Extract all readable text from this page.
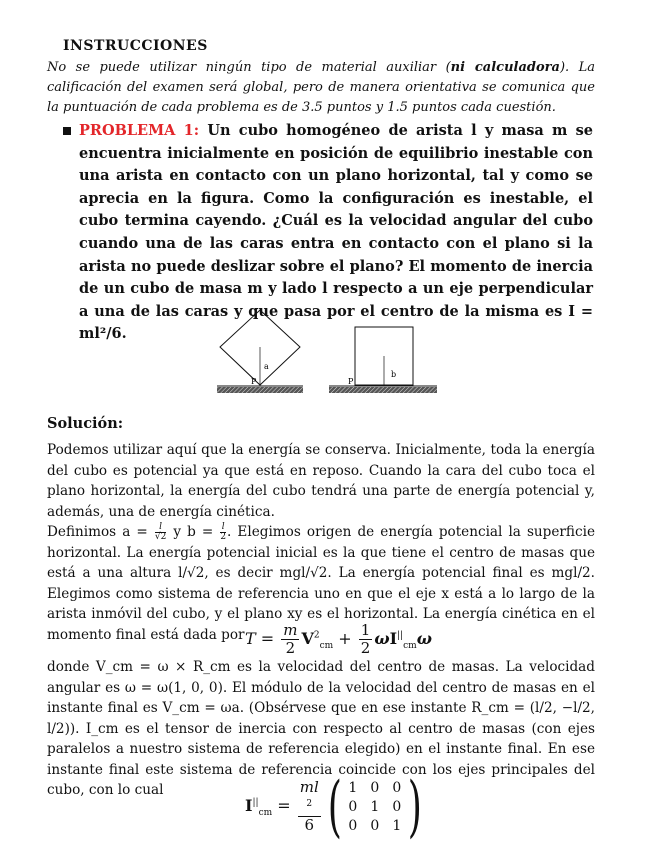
INSTRUCCIONES
No se puede utilizar ningún tipo de material auxiliar (ni calculadora). La calificación del examen será global, pero de manera orientativa se comunica que la puntuación de cada problema es de 3.5 puntos y 1.5 puntos cada cuestión.
PROBLEMA 1: Un cubo homogéneo de arista l y masa m se encuentra inicialmente en posición de equilibrio inestable con una arista en contacto con un plano horizontal, tal y como se aprecia en la figura. Como la configuración es inestable, el cubo termina cayendo. ¿Cuál es la velocidad angular del cubo cuando una de las caras entra en contacto con el plano si la arista no puede deslizar sobre el plano? El momento de inercia de un cubo de masa m y lado l respecto a un eje perpendicular a una de las caras y que pasa por el centro de la misma es I = ml²/6.
a
P
b
P
Solución:
Podemos utilizar aquí que la energía se conserva. Inicialmente, toda la energía del cubo es potencial ya que está en reposo. Cuando la cara del cubo toca el plano horizontal, la energía del cubo tendrá una parte de energía potencial y, además, una de energía cinética.
Definimos $a = \frac{l}{√2}$ y $b = \frac{l}{2}$ . Elegimos origen de energía potencial la superficie horizontal. La energía potencial inicial es la que tiene el centro de masas que está a una altura l/√2, es decir mgl/√2. La energía potencial final es mgl/2. Elegimos como sistema de referencia uno en que el eje x está a lo largo de la arista inmóvil del cubo, y el plano xy es el horizontal. La energía cinética en el momento final está dada por $T = \frac{m}{2} V^2_{cm} + \frac{1}{2} \omega I^{||}_{cm}\omega$
donde V_cm = ω × R_cm es la velocidad del centro de masas. La velocidad angular es ω = ω(1, 0, 0). El módulo de la velocidad del centro de masas en el instante final es V_cm = ωa. (Obsérvese que en ese instante R_cm = (l/2, −l/2, l/2)). I_cm es el tensor de inercia con respecto al centro de masas (con ejes paralelos a nuestro sistema de referencia elegido) en el instante final. En ese instante final este sistema de referencia coincide con los ejes principales del cubo, con lo cual
$I^{||}_{cm}$ = ml
$^2$
6
( 1	0	0
0	1	0
0	0	1 )
